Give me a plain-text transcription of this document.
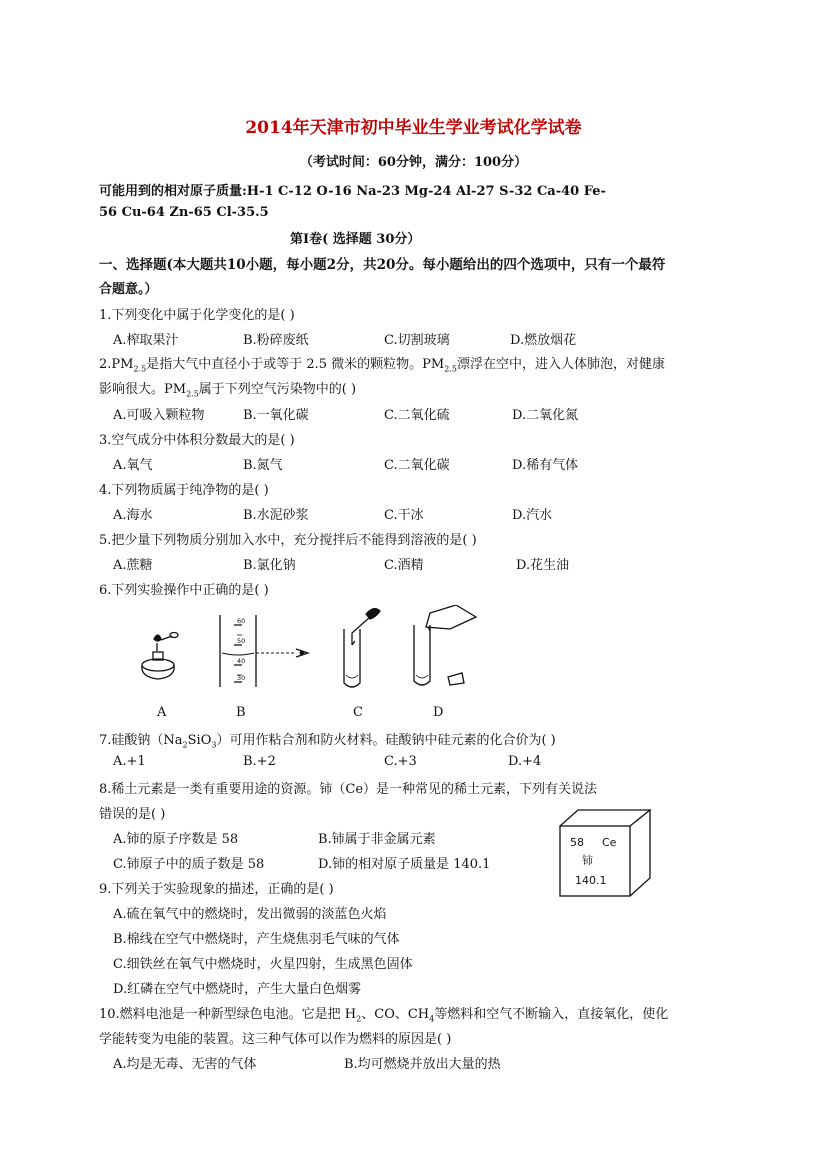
2014年天津市初中毕业生学业考试化学试卷
（考试时间：60分钟，满分：100分）
可能用到的相对原子质量:H-1 C-12 O-16 Na-23 Mg-24 Al-27 S-32 Ca-40 Fe-
56 Cu-64 Zn-65 Cl-35.5
第Ⅰ卷( 选择题 30分）
一、选择题(本大题共10小题，每小题2分，共20分。每小题给出的四个选项中，只有一个最符
合题意。）
1.下列变化中属于化学变化的是( )
A.榨取果汁	B.粉碎废纸	C.切割玻璃	D.燃放烟花
$2.PM_{2.5}$是指大气中直径小于或等于 2.5 微米的颗粒物。$PM_{2.5}$漂浮在空中，进入人体肺泡，对健康
影响很大。$PM_{2.5}$属于下列空气污染物中的( )
A.可吸入颗粒物	B.一氧化碳	C.二氧化硫	D.二氧化氮
3.空气成分中体积分数最大的是( )
A.氧气	B.氮气	C.二氧化碳	D.稀有气体
4.下列物质属于纯净物的是( )
A.海水	B.水泥砂浆	C.干冰	D.汽水
5.把少量下列物质分别加入水中，充分搅拌后不能得到溶液的是( )
A.蔗糖	B.氯化钠	C.酒精	D.花生油
6.下列实验操作中正确的是( )
60
50
40
30
A	B	C	D
7.硅酸钠$(Na_2SiO_3)$可用作粘合剂和防火材料。硅酸钠中硅元素的化合价为( )
A.+1	B.+2	C.+3	D.+4
8.稀土元素是一类有重要用途的资源。铈（Ce）是一种常见的稀土元素，下列有关说法
错误的是( )
A.铈的原子序数是 58	B.铈属于非金属元素
C.铈原子中的质子数是 58	D.铈的相对原子质量是 140.1
58 Ce
铈
140.1
9.下列关于实验现象的描述，正确的是( )
A.硫在氧气中的燃烧时，发出微弱的淡蓝色火焰
B.棉线在空气中燃烧时，产生烧焦羽毛气味的气体
C.细铁丝在氧气中燃烧时，火星四射，生成黑色固体
D.红磷在空气中燃烧时，产生大量白色烟雾
10.燃料电池是一种新型绿色电池。它是把 $H_2$、CO、$CH_4$等燃料和空气不断输入，直接氧化，使化
学能转变为电能的装置。这三种气体可以作为燃料的原因是( )
A.均是无毒、无害的气体	B.均可燃烧并放出大量的热
